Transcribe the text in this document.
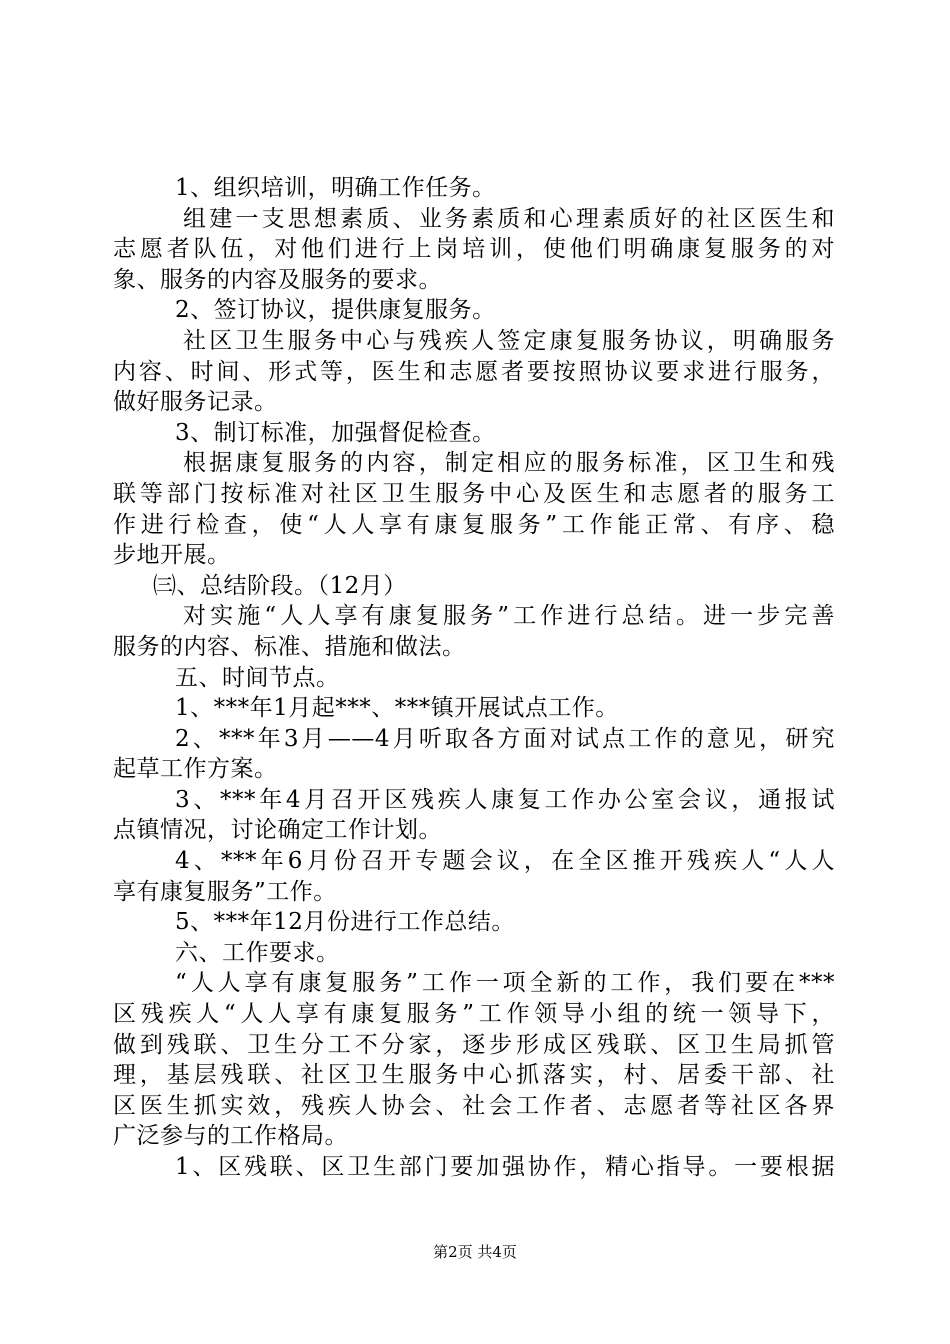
1、组织培训，明确工作任务。
组建一支思想素质、业务素质和心理素质好的社区医生和
志愿者队伍，对他们进行上岗培训，使他们明确康复服务的对
象、服务的内容及服务的要求。
2、签订协议，提供康复服务。
社区卫生服务中心与残疾人签定康复服务协议，明确服务
内容、时间、形式等，医生和志愿者要按照协议要求进行服务，
做好服务记录。
3、制订标准，加强督促检查。
根据康复服务的内容，制定相应的服务标准，区卫生和残
联等部门按标准对社区卫生服务中心及医生和志愿者的服务工
作进行检查，使“人人享有康复服务”工作能正常、有序、稳
步地开展。
㈢、总结阶段。（12月）
对实施“人人享有康复服务”工作进行总结。进一步完善
服务的内容、标准、措施和做法。
五、时间节点。
1、***年1月起***、***镇开展试点工作。
2、***年3月——4月听取各方面对试点工作的意见，研究
起草工作方案。
3、***年4月召开区残疾人康复工作办公室会议，通报试
点镇情况，讨论确定工作计划。
4、***年6月份召开专题会议，在全区推开残疾人“人人
享有康复服务”工作。
5、***年12月份进行工作总结。
六、工作要求。
“人人享有康复服务”工作一项全新的工作，我们要在***
区残疾人“人人享有康复服务”工作领导小组的统一领导下，
做到残联、卫生分工不分家，逐步形成区残联、区卫生局抓管
理，基层残联、社区卫生服务中心抓落实，村、居委干部、社
区医生抓实效，残疾人协会、社会工作者、志愿者等社区各界
广泛参与的工作格局。
1、区残联、区卫生部门要加强协作，精心指导。一要根据
第2页 共4页
